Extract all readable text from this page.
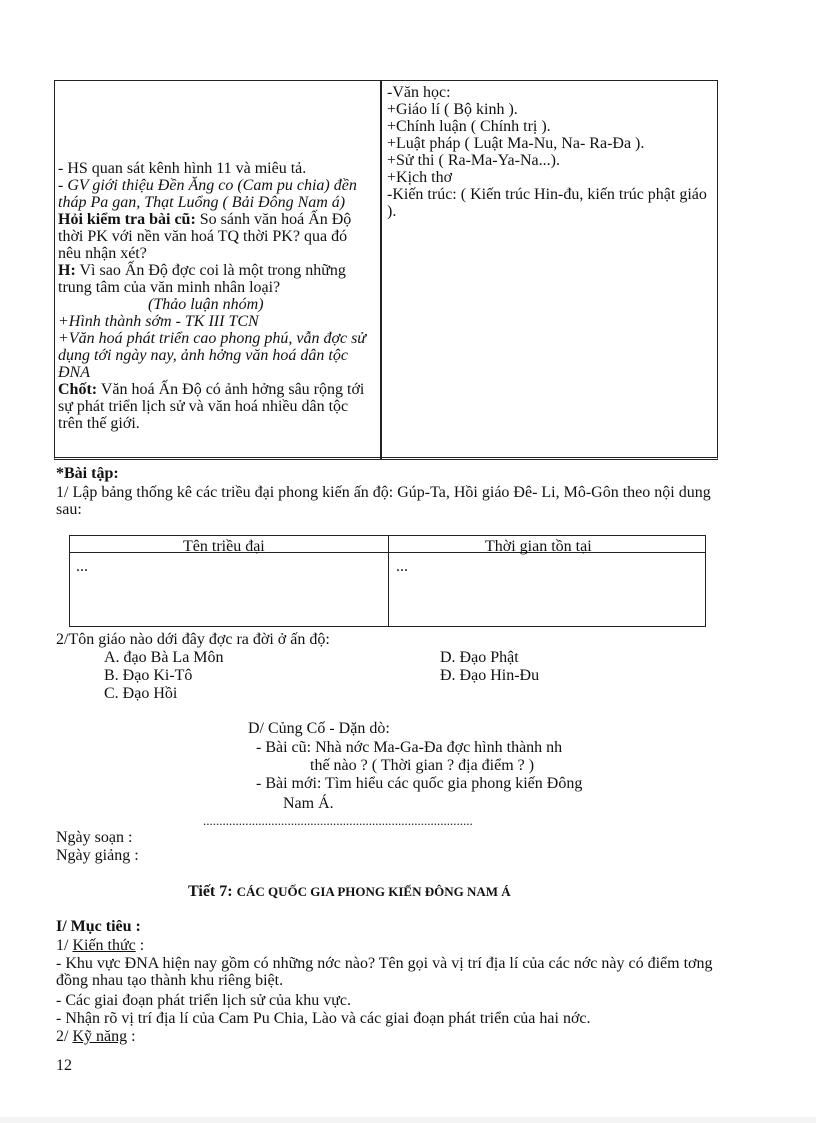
- HS quan sát kênh hình 11 và miêu tả.
- GV giới thiệu Đền Ăng co (Cam pu chia) đền tháp Pa gan, Thạt Luổng ( Bải Đông Nam á)
Hỏi kiểm tra bài cũ: So sánh văn hoá Ấn Độ thời PK với nền văn hoá TQ thời PK? qua đó nêu nhận xét?
H: Vì sao Ấn Độ đợc coi là một trong những trung tâm của văn minh nhân loại?
(Thảo luận nhóm)
+Hình thành sớm - TK III TCN
+Văn hoá phát triển cao phong phú, vẫn đợc sử dụng tới ngày nay, ảnh hởng văn hoá dân tộc ĐNA
Chốt: Văn hoá Ấn Độ có ảnh hởng sâu rộng tới sự phát triển lịch sử và văn hoá nhiều dân tộc trên thế giới.
-Văn học:
+Giáo lí ( Bộ kinh ).
+Chính luận ( Chính trị ).
+Luật pháp ( Luật Ma-Nu, Na- Ra-Đa ).
+Sử thi ( Ra-Ma-Ya-Na...).
+Kịch thơ
-Kiến trúc: ( Kiến trúc Hin-đu, kiến trúc phật giáo ).
*Bài tập:
1/ Lập bảng thống kê các triều đại phong kiến ấn độ: Gúp-Ta, Hồi giáo Đê- Li, Mô-Gôn theo nội dung sau:
Tên triều đại	Thời gian tồn tại
...	...
2/Tôn giáo nào dới đây đợc ra đời ở ấn độ:
A. đạo Bà La Môn
B. Đạo Ki-Tô
C. Đạo Hồi
D. Đạo Phật
Đ. Đạo Hin-Đu
D/ Củng Cố - Dặn dò:
- Bài cũ: Nhà nớc Ma-Ga-Đa đợc hình thành nh
thế nào ? ( Thời gian ? địa điểm ? )
- Bài mới: Tìm hiểu các quốc gia phong kiến Đông
Nam Á.
...................................................................................
Ngày soạn :
Ngày giảng :
Tiết 7: CÁC QUỐC GIA PHONG KIẾN ĐÔNG NAM Á
I/ Mục tiêu :
1/ Kiến thức :
- Khu vực ĐNA hiện nay gồm có những nớc nào? Tên gọi và vị trí địa lí của các nớc này có điểm tơng đồng nhau tạo thành khu riêng biệt.
- Các giai đoạn phát triển lịch sử của khu vực.
- Nhận rõ vị trí địa lí của Cam Pu Chia, Lào và các giai đoạn phát triển của hai nớc.
2/ Kỹ năng :
12
